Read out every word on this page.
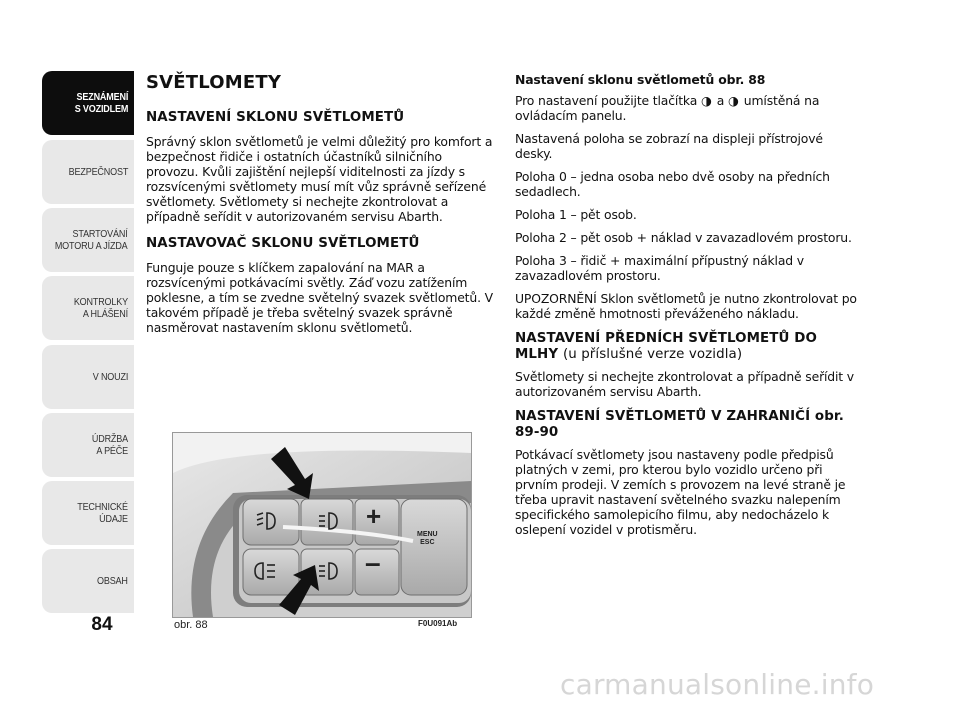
SEZNÁMENÍ
S VOZIDLEM
BEZPEČNOST
STARTOVÁNÍ
MOTORU A JÍZDA
KONTROLKY
A HLÁŠENÍ
V NOUZI
ÚDRŽBA
A PÉČE
TECHNICKÉ
ÚDAJE
OBSAH
84
SVĚTLOMETY
NASTAVENÍ SKLONU SVĚTLOMETŮ

Správný sklon světlometů je velmi důležitý pro komfort a bezpečnost řidiče i ostatních účastníků silničního provozu. Kvůli zajištění nejlepší viditelnosti za jízdy s rozsvícenými světlomety musí mít vůz správně seřízené světlomety. Světlomety si nechejte zkontrolovat a případně seřídit v autorizovaném servisu Abarth.

NASTAVOVAČ SKLONU SVĚTLOMETŮ

Funguje pouze s klíčkem zapalování na MAR a rozsvícenými potkávacími světly. Záď vozu zatížením poklesne, a tím se zvedne světelný svazek světlometů. V takovém případě je třeba světelný svazek správně nasměrovat nastavením sklonu světlometů.

+
–
MENU
ESC
obr. 88	F0U091Ab
Nastavení sklonu světlometů obr. 88

Pro nastavení použijte tlačítka ◑ a ◑ umístěná na ovládacím panelu.

Nastavená poloha se zobrazí na displeji přístrojové desky.

Poloha 0 – jedna osoba nebo dvě osoby na předních sedadlech.

Poloha 1 – pět osob.

Poloha 2 – pět osob + náklad v zavazadlovém prostoru.

Poloha 3 – řidič + maximální přípustný náklad v zavazadlovém prostoru.

UPOZORNĚNÍ Sklon světlometů je nutno zkontrolovat po každé změně hmotnosti převáženého nákladu.

NASTAVENÍ PŘEDNÍCH SVĚTLOMETŮ DO MLHY (u příslušné verze vozidla)

Světlomety si nechejte zkontrolovat a případně seřídit v autorizovaném servisu Abarth.

NASTAVENÍ SVĚTLOMETŮ V ZAHRANIČÍ obr. 89-90

Potkávací světlomety jsou nastaveny podle předpisů platných v zemi, pro kterou bylo vozidlo určeno při prvním prodeji. V zemích s provozem na levé straně je třeba upravit nastavení světelného svazku nalepením specifického samolepicího filmu, aby nedocházelo k oslepení vozidel v protisměru.

carmanualsonline.info
